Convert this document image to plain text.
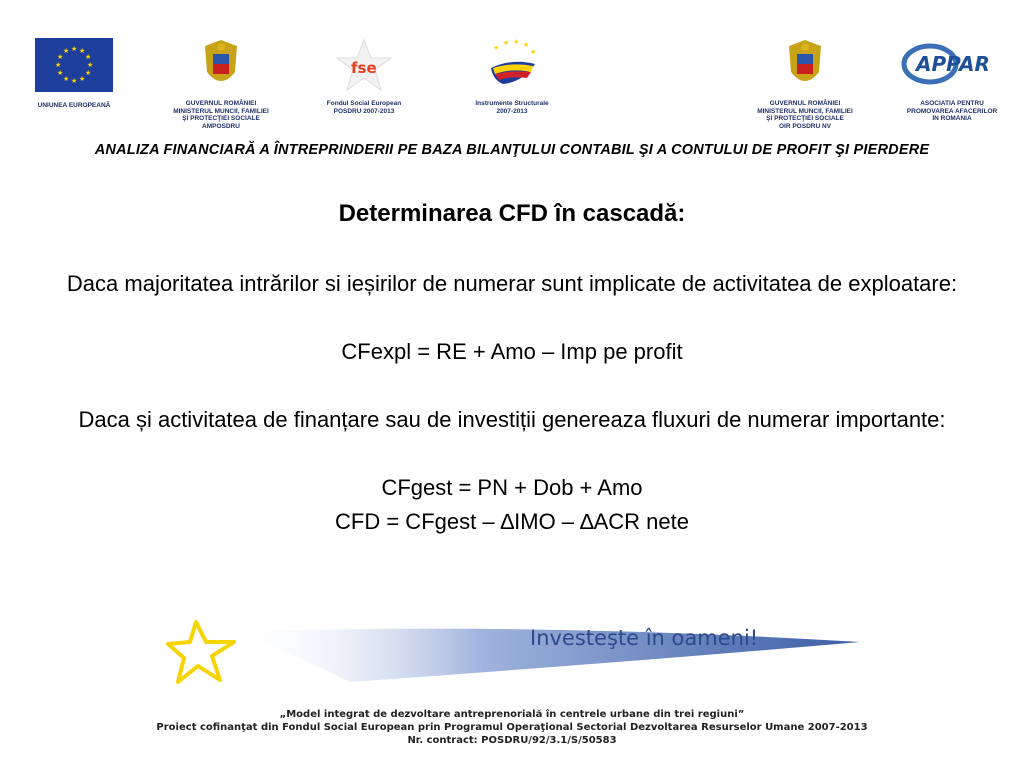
★ ★
★
★
★
★
★
★
★
★
★
★
UNIUNEA EUROPEANĂ	GUVERNUL ROMÂNIEI
MINISTERUL MUNCII, FAMILIEI
ŞI PROTECŢIEI SOCIALE
AMPOSDRU
fse
Fondul Social European
POSDRU 2007-2013
★
★ ★ ★
★
Instrumente Structurale
2007-2013
GUVERNUL ROMÂNIEI
MINISTERUL MUNCII, FAMILIEI
ŞI PROTECŢIEI SOCIALE
OIR POSDRU NV
APPAR
ASOCIATIA PENTRU
PROMOVAREA AFACERILOR
IN ROMANIA
ANALIZA FINANCIARĂ A ÎNTREPRINDERII PE BAZA BILANŢULUI CONTABIL ŞI A CONTULUI DE PROFIT ŞI PIERDERE

Determinarea CFD în cascadă:

Daca majoritatea intrărilor si ieșirilor de numerar sunt implicate de activitatea de exploatare:

CFexpl = RE + Amo – Imp pe profit

Daca și activitatea de finanțare sau de investiții genereaza fluxuri de numerar importante:

CFgest = PN + Dob + Amo

CFD = CFgest – ∆IMO – ∆ACR nete

Investeşte în oameni!
„Model integrat de dezvoltare antreprenorială în centrele urbane din trei regiuni”
Proiect cofinanţat din Fondul Social European prin Programul Operaţional Sectorial Dezvoltarea Resurselor Umane 2007-2013
Nr. contract: POSDRU/92/3.1/S/50583
